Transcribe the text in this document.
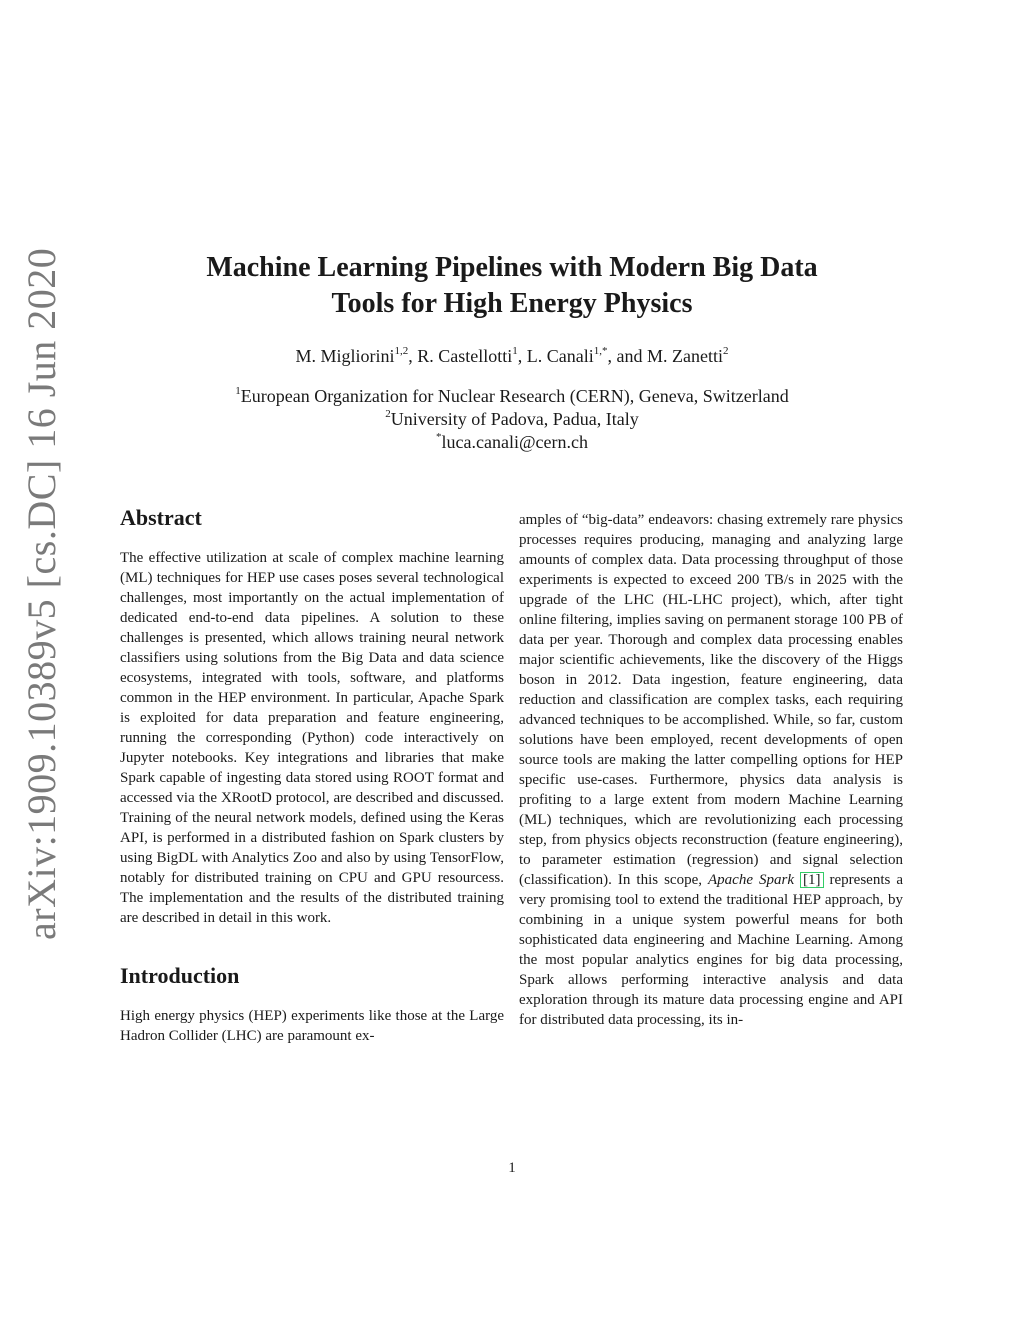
arXiv:1909.10389v5 [cs.DC] 16 Jun 2020	Machine Learning Pipelines with Modern Big Data
Tools for High Energy Physics
M. Migliorini$^{1,2}$, R. Castellotti$^1$, L. Canali$^{1,*}$, and M. Zanetti$^2$
$^1$European Organization for Nuclear Research (CERN), Geneva, Switzerland
$^2$University of Padova, Padua, Italy
*luca.canali@cern.ch
Abstract

The effective utilization at scale of complex machine learning (ML) techniques for HEP use cases poses several technological challenges, most importantly on the actual implementation of dedicated end-to-end data pipelines. A solution to these challenges is presented, which allows training neural network classifiers using solutions from the Big Data and data science ecosystems, integrated with tools, software, and platforms common in the HEP environment. In particular, Apache Spark is exploited for data preparation and feature engineering, running the corresponding (Python) code interactively on Jupyter notebooks. Key integrations and libraries that make Spark capable of ingesting data stored using ROOT format and accessed via the XRootD protocol, are described and discussed. Training of the neural network models, defined using the Keras API, is performed in a distributed fashion on Spark clusters by using BigDL with Analytics Zoo and also by using TensorFlow, notably for distributed training on CPU and GPU resourcess. The implementation and the results of the distributed training are described in detail in this work.

Introduction

High energy physics (HEP) experiments like those at the Large Hadron Collider (LHC) are paramount ex-

amples of “big-data” endeavors: chasing extremely rare physics processes requires producing, managing and analyzing large amounts of complex data. Data processing throughput of those experiments is expected to exceed 200 TB/s in 2025 with the upgrade of the LHC (HL-LHC project), which, after tight online filtering, implies saving on permanent storage 100 PB of data per year. Thorough and complex data processing enables major scientific achievements, like the discovery of the Higgs boson in 2012. Data ingestion, feature engineering, data reduction and classification are complex tasks, each requiring advanced techniques to be accomplished. While, so far, custom solutions have been employed, recent developments of open source tools are making the latter compelling options for HEP specific use-cases. Furthermore, physics data analysis is profiting to a large extent from modern Machine Learning (ML) techniques, which are revolutionizing each processing step, from physics objects reconstruction (feature engineering), to parameter estimation (regression) and signal selection (classification). In this scope, Apache Spark [1] represents a very promising tool to extend the traditional HEP approach, by combining in a unique system powerful means for both sophisticated data engineering and Machine Learning. Among the most popular analytics engines for big data processing, Spark allows performing interactive analysis and data exploration through its mature data processing engine and API for distributed data processing, its in-

1
